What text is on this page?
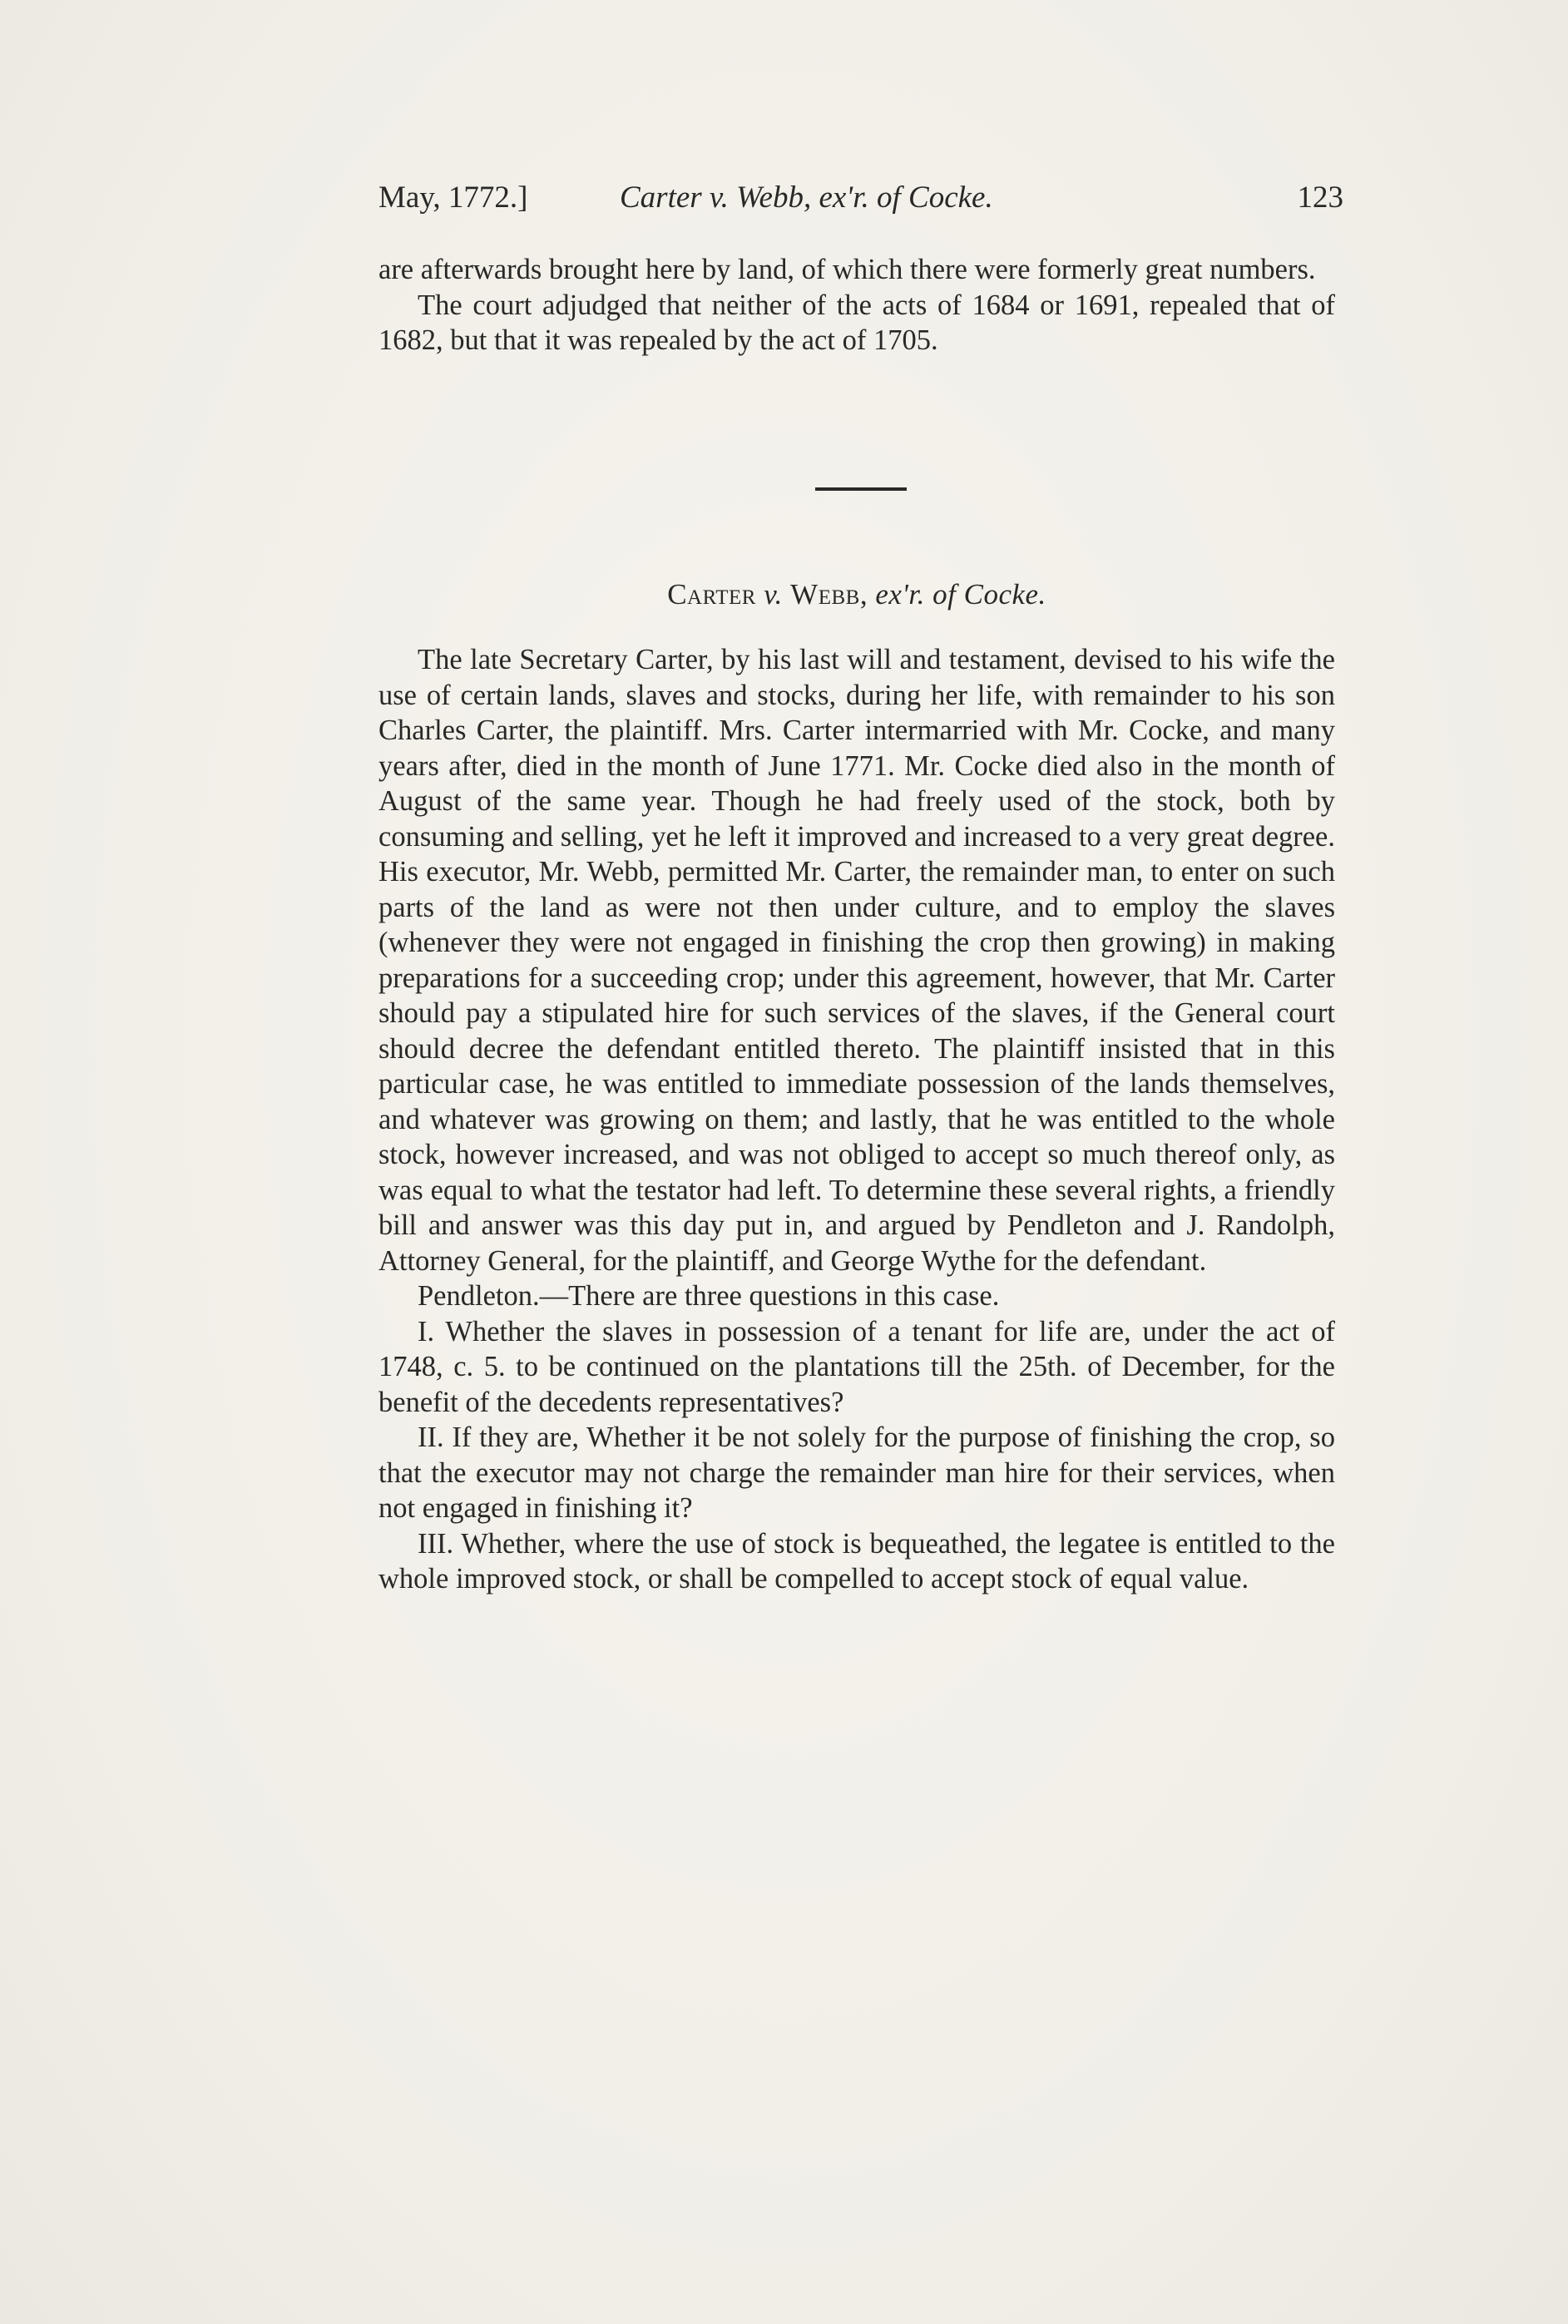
May, 1772.]	Carter v. Webb, ex'r. of Cocke.	123

are afterwards brought here by land, of which there were formerly great numbers.

The court adjudged that neither of the acts of 1684 or 1691, repealed that of 1682, but that it was repealed by the act of 1705.

Carter v. Webb, ex'r. of Cocke.

The late Secretary Carter, by his last will and testament, devised to his wife the use of certain lands, slaves and stocks, during her life, with remainder to his son Charles Carter, the plaintiff. Mrs. Carter intermarried with Mr. Cocke, and many years after, died in the month of June 1771. Mr. Cocke died also in the month of August of the same year. Though he had freely used of the stock, both by consuming and selling, yet he left it improved and increased to a very great degree. His executor, Mr. Webb, permitted Mr. Carter, the remainder man, to enter on such parts of the land as were not then under culture, and to employ the slaves (whenever they were not engaged in finishing the crop then growing) in making preparations for a succeeding crop; under this agreement, however, that Mr. Carter should pay a stipulated hire for such services of the slaves, if the General court should decree the defendant entitled thereto. The plaintiff insisted that in this particular case, he was entitled to immediate possession of the lands themselves, and whatever was growing on them; and lastly, that he was entitled to the whole stock, however increased, and was not obliged to accept so much thereof only, as was equal to what the testator had left. To determine these several rights, a friendly bill and answer was this day put in, and argued by Pendleton and J. Randolph, Attorney General, for the plaintiff, and George Wythe for the defendant.

Pendleton.—There are three questions in this case.

I. Whether the slaves in possession of a tenant for life are, under the act of 1748, c. 5. to be continued on the plantations till the 25th. of December, for the benefit of the decedents representatives?

II. If they are, Whether it be not solely for the purpose of finishing the crop, so that the executor may not charge the remainder man hire for their services, when not engaged in finishing it?

III. Whether, where the use of stock is bequeathed, the legatee is entitled to the whole improved stock, or shall be compelled to accept stock of equal value.
